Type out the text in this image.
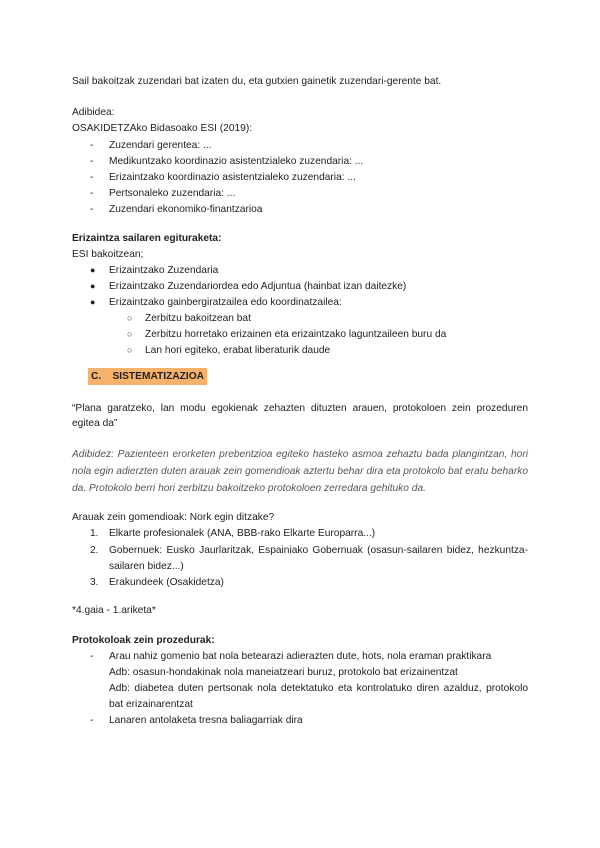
Sail bakoitzak zuzendari bat izaten du, eta gutxien gainetik zuzendari-gerente bat.
Adibidea:
OSAKIDETZAko Bidasoako ESI (2019):
- Zuzendari gerentea: ...
- Medikuntzako koordinazio asistentzialeko zuzendaria: ...
- Erizaintzako koordinazio asistentzialeko zuzendaria: ...
- Pertsonaleko zuzendaria: ...
- Zuzendari ekonomiko-finantzarioa
Erizaintza sailaren egituraketa:
ESI bakoitzean;
● Erizaintzako Zuzendaria
● Erizaintzako Zuzendariordea edo Adjuntua (hainbat izan daitezke)
● Erizaintzako gainbergiratzailea edo koordinatzailea:
○ Zerbitzu bakoitzean bat
○ Zerbitzu horretako erizainen eta erizaintzako laguntzaileen buru da
○ Lan hori egiteko, erabat liberaturik daude
C. SISTEMATIZAZIOA
“Plana garatzeko, lan modu egokienak zehazten dituzten arauen, protokoloen zein prozeduren egitea da”
Adibidez: Pazienteen erorketen prebentzioa egiteko hasteko asmoa zehaztu bada plangintzan, hori nola egin adierzten duten arauak zein gomendioak aztertu behar dira eta protokolo bat eratu beharko da. Protokolo berri hori zerbitzu bakoitzeko protokoloen zerredara gehituko da.
Arauak zein gomendioak: Nork egin ditzake?
1. Elkarte profesionalek (ANA, BBB-rako Elkarte Europarra...)
2. Gobernuek: Eusko Jaurlaritzak, Espainiako Gobernuak (osasun-sailaren bidez, hezkuntza-sailaren bidez...)
3. Erakundeek (Osakidetza)
*4.gaia - 1.ariketa*
Protokoloak zein prozedurak:
- Arau nahiz gomenio bat nola betearazi adierazten dute, hots, nola eraman praktikara
Adb: osasun-hondakinak nola maneiatzeari buruz, protokolo bat erizainentzat
Adb: diabetea duten pertsonak nola detektatuko eta kontrolatuko diren azalduz, protokolo bat erizainarentzat
- Lanaren antolaketa tresna baliagarriak dira
